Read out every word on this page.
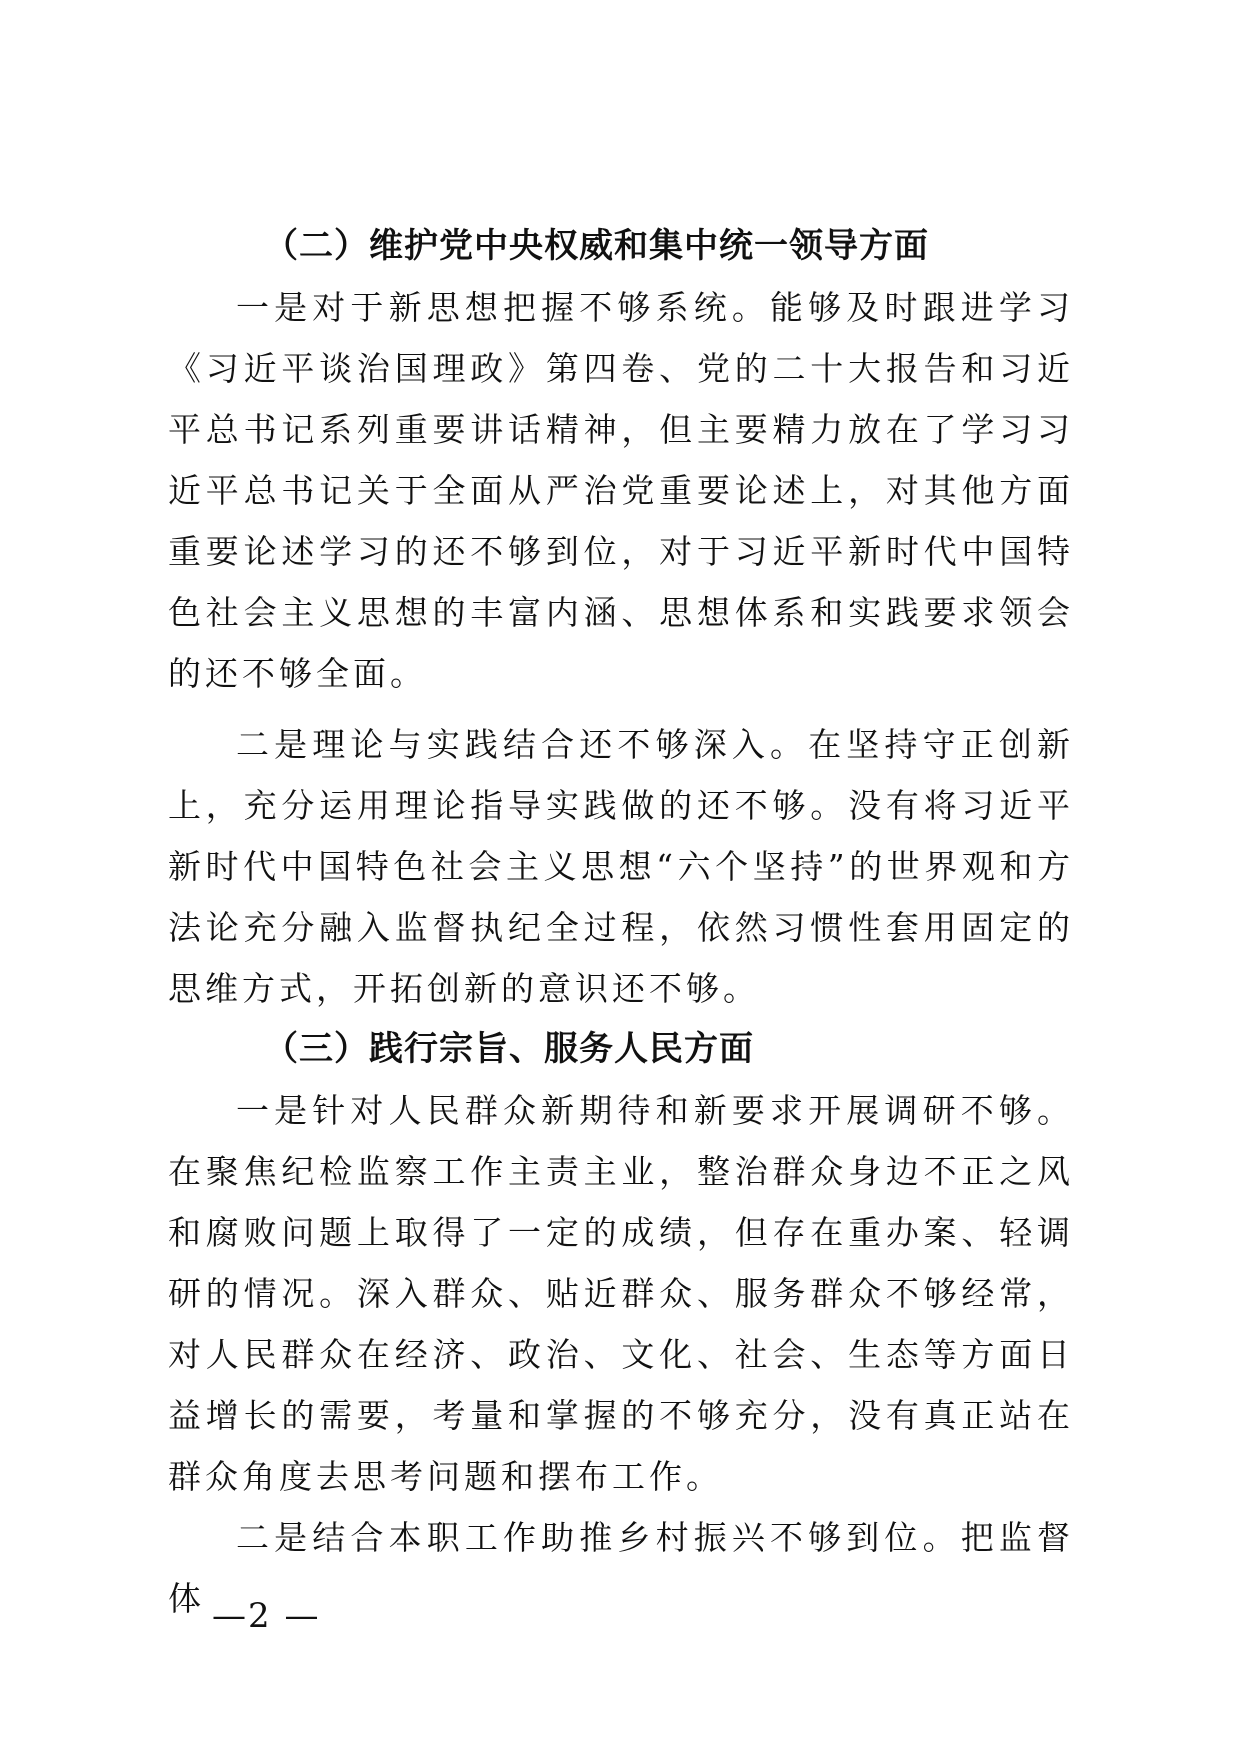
（二）维护党中央权威和集中统一领导方面

一是对于新思想把握不够系统。能够及时跟进学习《习近平谈治国理政》第四卷、党的二十大报告和习近平总书记系列重要讲话精神，但主要精力放在了学习习近平总书记关于全面从严治党重要论述上，对其他方面重要论述学习的还不够到位，对于习近平新时代中国特色社会主义思想的丰富内涵、思想体系和实践要求领会的还不够全面。

二是理论与实践结合还不够深入。在坚持守正创新上，充分运用理论指导实践做的还不够。没有将习近平新时代中国特色社会主义思想“六个坚持”的世界观和方法论充分融入监督执纪全过程，依然习惯性套用固定的思维方式，开拓创新的意识还不够。

（三）践行宗旨、服务人民方面

一是针对人民群众新期待和新要求开展调研不够。在聚焦纪检监察工作主责主业，整治群众身边不正之风和腐败问题上取得了一定的成绩，但存在重办案、轻调研的情况。深入群众、贴近群众、服务群众不够经常，对人民群众在经济、政治、文化、社会、生态等方面日益增长的需要，考量和掌握的不够充分，没有真正站在群众角度去思考问题和摆布工作。

二是结合本职工作助推乡村振兴不够到位。把监督体 —2 —
